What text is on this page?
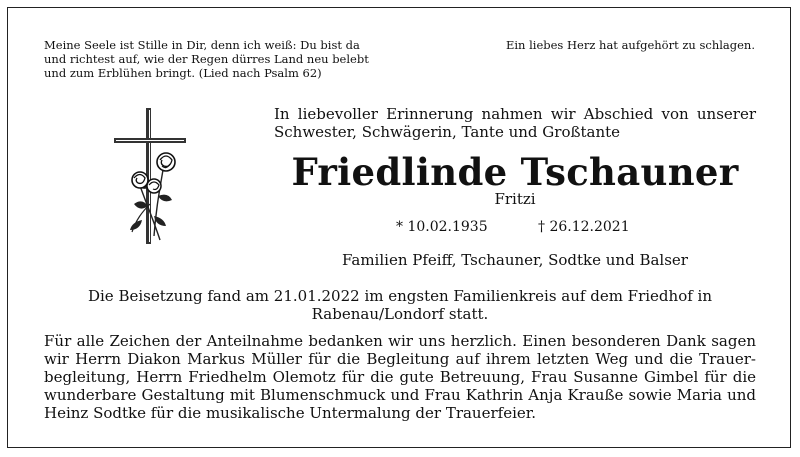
Meine Seele ist Stille in Dir, denn ich weiß: Du bist da
und richtest auf, wie der Regen dürres Land neu belebt
und zum Erblühen bringt. (Lied nach Psalm 62)
Ein liebes Herz hat aufgehört zu schlagen.
In liebevoller Erinnerung nahmen wir Abschied von unserer Schwester, Schwägerin, Tante und Großtante
Friedlinde Tschauner
Fritzi
* 10.02.1935	† 26.12.2021
Familien Pfeiff, Tschauner, Sodtke und Balser
Die Beisetzung fand am 21.01.2022 im engsten Familienkreis auf dem Friedhof in Rabenau/Londorf statt.
Für alle Zeichen der Anteilnahme bedanken wir uns herzlich. Einen besonderen Dank sagen wir Herrn Diakon Markus Müller für die Begleitung auf ihrem letzten Weg und die Trauer- begleitung, Herrn Friedhelm Olemotz für die gute Betreuung, Frau Susanne Gimbel für die wunderbare Gestaltung mit Blumenschmuck und Frau Kathrin Anja Krauße sowie Maria und Heinz Sodtke für die musikalische Untermalung der Trauerfeier.
